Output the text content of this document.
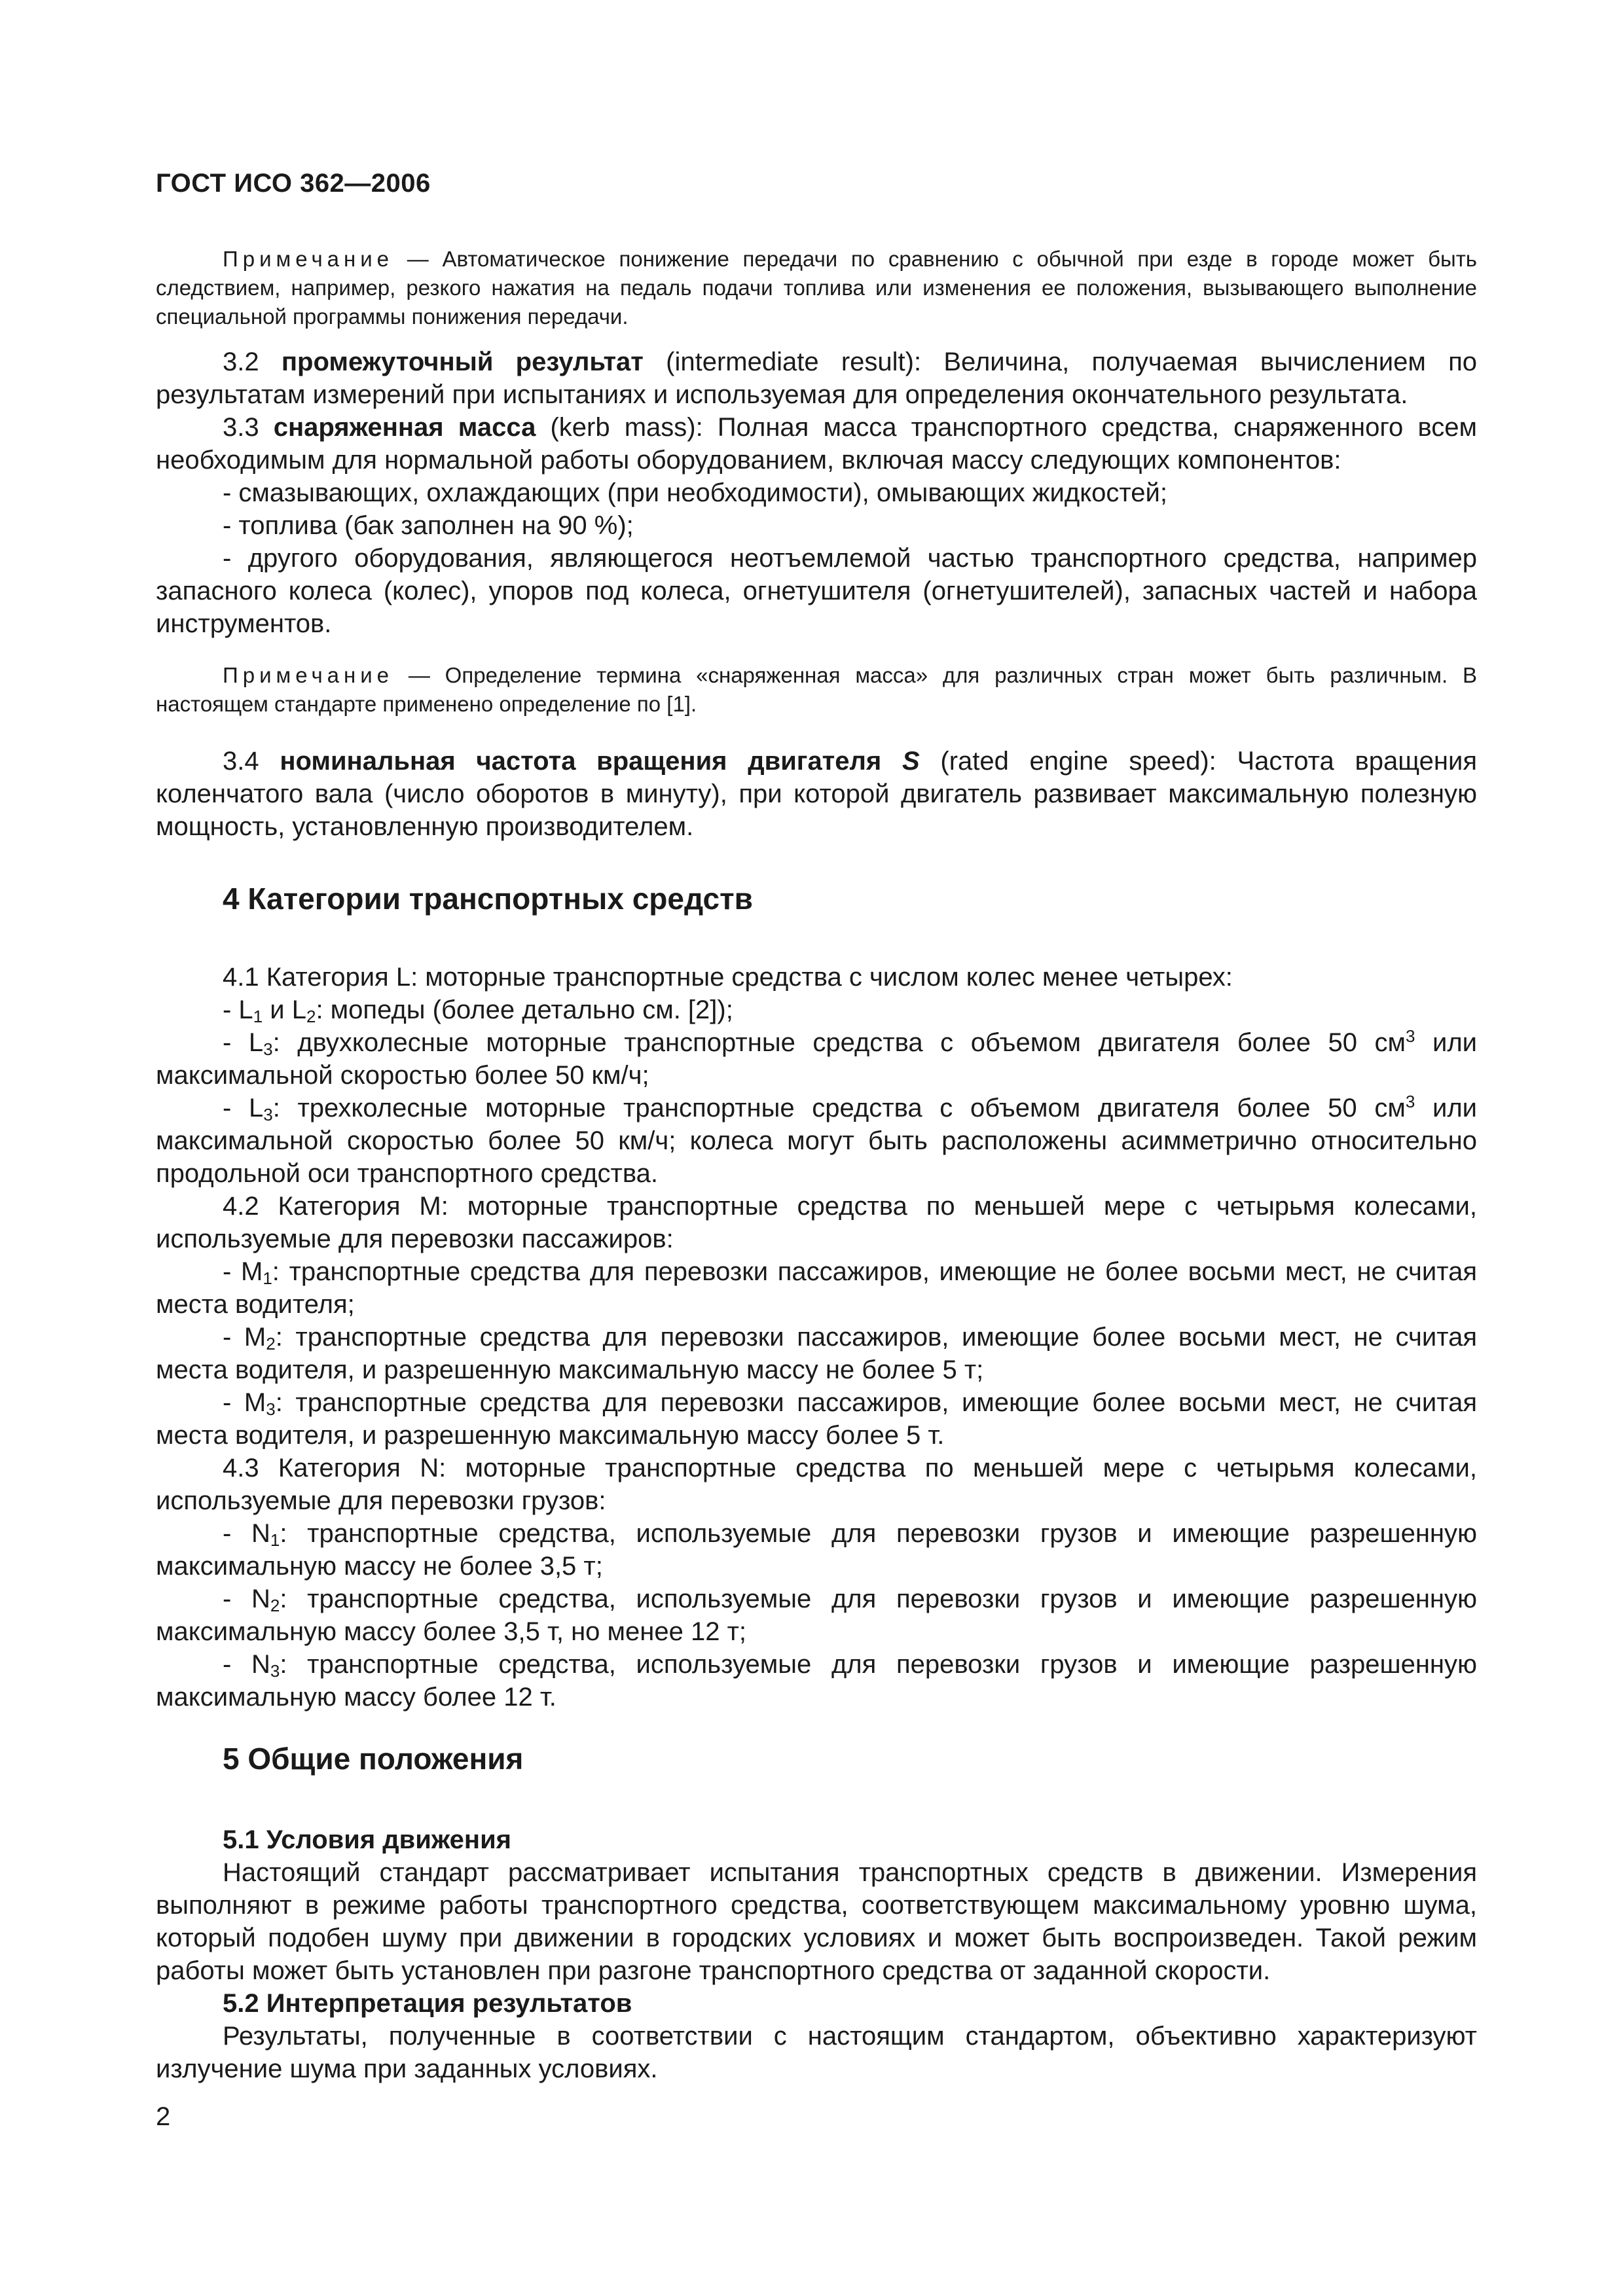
ГОСТ ИСО 362—2006

Примечание — Автоматическое понижение передачи по сравнению с обычной при езде в городе может быть следствием, например, резкого нажатия на педаль подачи топлива или изменения ее положения, вызывающего выполнение специальной программы понижения передачи.

3.2 промежуточный результат (intermediate result): Величина, получаемая вычислением по результатам измерений при испытаниях и используемая для определения окончательного результата.

3.3 снаряженная масса (kerb mass): Полная масса транспортного средства, снаряженного всем необходимым для нормальной работы оборудованием, включая массу следующих компонентов:

- смазывающих, охлаждающих (при необходимости), омывающих жидкостей;

- топлива (бак заполнен на 90 %);

- другого оборудования, являющегося неотъемлемой частью транспортного средства, например запасного колеса (колес), упоров под колеса, огнетушителя (огнетушителей), запасных частей и набора инструментов.

Примечание — Определение термина «снаряженная масса» для различных стран может быть различным. В настоящем стандарте применено определение по [1].

3.4 номинальная частота вращения двигателя S (rated engine speed): Частота вращения коленчатого вала (число оборотов в минуту), при которой двигатель развивает максимальную полезную мощность, установленную производителем.

4 Категории транспортных средств

4.1 Категория L: моторные транспортные средства с числом колес менее четырех:

- $L_1$ и $L_2$: мопеды (более детально см. [2]);

- $L_3$: двухколесные моторные транспортные средства с объемом двигателя более 50 $см^3$ или максимальной скоростью более 50 км/ч;

- $L_3$: трехколесные моторные транспортные средства с объемом двигателя более 50 $см^3$ или максимальной скоростью более 50 км/ч; колеса могут быть расположены асимметрично относительно продольной оси транспортного средства.

4.2 Категория M: моторные транспортные средства по меньшей мере с четырьмя колесами, используемые для перевозки пассажиров:

- $M_1$: транспортные средства для перевозки пассажиров, имеющие не более восьми мест, не считая места водителя;

- $M_2$: транспортные средства для перевозки пассажиров, имеющие более восьми мест, не считая места водителя, и разрешенную максимальную массу не более 5 т;

- $M_3$: транспортные средства для перевозки пассажиров, имеющие более восьми мест, не считая места водителя, и разрешенную максимальную массу более 5 т.

4.3 Категория N: моторные транспортные средства по меньшей мере с четырьмя колесами, используемые для перевозки грузов:

- $N_1$: транспортные средства, используемые для перевозки грузов и имеющие разрешенную максимальную массу не более 3,5 т;

- $N_2$: транспортные средства, используемые для перевозки грузов и имеющие разрешенную максимальную массу более 3,5 т, но менее 12 т;

- $N_3$: транспортные средства, используемые для перевозки грузов и имеющие разрешенную максимальную массу более 12 т.

5 Общие положения
5.1 Условия движения

Настоящий стандарт рассматривает испытания транспортных средств в движении. Измерения выполняют в режиме работы транспортного средства, соответствующем максимальному уровню шума, который подобен шуму при движении в городских условиях и может быть воспроизведен. Такой режим работы может быть установлен при разгоне транспортного средства от заданной скорости.

5.2 Интерпретация результатов

Результаты, полученные в соответствии с настоящим стандартом, объективно характеризуют излучение шума при заданных условиях.

2
